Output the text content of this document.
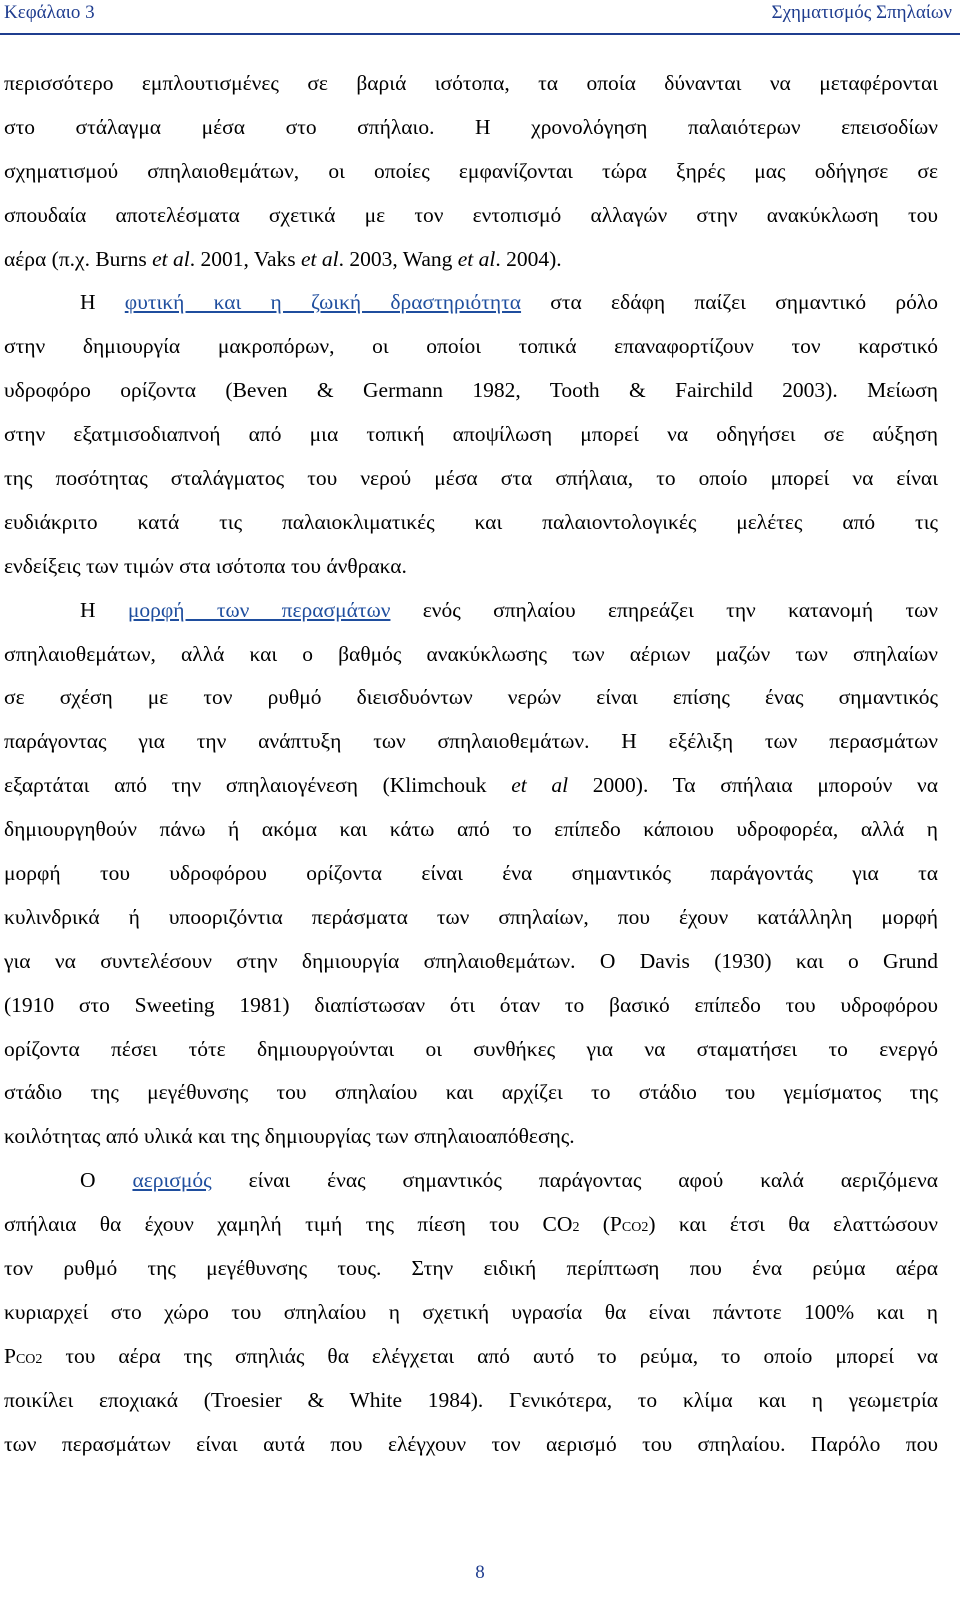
Κεφάλαιο 3	Σχηματισμός Σπηλαίων
περισσότερο εμπλουτισμένες σε βαριά ισότοπα, τα οποία δύνανται να μεταφέρονται
στο στάλαγμα μέσα στο σπήλαιο. Η χρονολόγηση παλαιότερων επεισοδίων
σχηματισμού σπηλαιοθεμάτων, οι οποίες εμφανίζονται τώρα ξηρές μας οδήγησε σε
σπουδαία αποτελέσματα σχετικά με τον εντοπισμό αλλαγών στην ανακύκλωση του
αέρα (π.χ. Burns et al. 2001, Vaks et al. 2003, Wang et al. 2004).
Η φυτική και η ζωική δραστηριότητα στα εδάφη παίζει σημαντικό ρόλο
στην δημιουργία μακροπόρων, οι οποίοι τοπικά επαναφορτίζουν τον καρστικό
υδροφόρο ορίζοντα (Beven & Germann 1982, Tooth & Fairchild 2003). Μείωση
στην εξατμισοδιαπνοή από μια τοπική αποψίλωση μπορεί να οδηγήσει σε αύξηση
της ποσότητας σταλάγματος του νερού μέσα στα σπήλαια, το οποίο μπορεί να είναι
ευδιάκριτο κατά τις παλαιοκλιματικές και παλαιοντολογικές μελέτες από τις
ενδείξεις των τιμών στα ισότοπα του άνθρακα.
Η μορφή των περασμάτων ενός σπηλαίου επηρεάζει την κατανομή των
σπηλαιοθεμάτων, αλλά και ο βαθμός ανακύκλωσης των αέριων μαζών των σπηλαίων
σε σχέση με τον ρυθμό διεισδυόντων νερών είναι επίσης ένας σημαντικός
παράγοντας για την ανάπτυξη των σπηλαιοθεμάτων. Η εξέλιξη των περασμάτων
εξαρτάται από την σπηλαιογένεση (Klimchouk et al 2000). Τα σπήλαια μπορούν να
δημιουργηθούν πάνω ή ακόμα και κάτω από το επίπεδο κάποιου υδροφορέα, αλλά η
μορφή του υδροφόρου ορίζοντα είναι ένα σημαντικός παράγοντάς για τα
κυλινδρικά ή υποοριζόντια περάσματα των σπηλαίων, που έχουν κατάλληλη μορφή
για να συντελέσουν στην δημιουργία σπηλαιοθεμάτων. Ο Davis (1930) και ο Grund
(1910 στο Sweeting 1981) διαπίστωσαν ότι όταν το βασικό επίπεδο του υδροφόρου
ορίζοντα πέσει τότε δημιουργούνται οι συνθήκες για να σταματήσει το ενεργό
στάδιο της μεγέθυνσης του σπηλαίου και αρχίζει το στάδιο του γεμίσματος της
κοιλότητας από υλικά και της δημιουργίας των σπηλαιοαπόθεσης.
Ο αερισμός είναι ένας σημαντικός παράγοντας αφού καλά αεριζόμενα
σπήλαια θα έχουν χαμηλή τιμή της πίεση του CO2 (PCO2) και έτσι θα ελαττώσουν
τον ρυθμό της μεγέθυνσης τους. Στην ειδική περίπτωση που ένα ρεύμα αέρα
κυριαρχεί στο χώρο του σπηλαίου η σχετική υγρασία θα είναι πάντοτε 100% και η
PCO2 του αέρα της σπηλιάς θα ελέγχεται από αυτό το ρεύμα, το οποίο μπορεί να
ποικίλει εποχιακά (Troesier & White 1984). Γενικότερα, το κλίμα και η γεωμετρία
των περασμάτων είναι αυτά που ελέγχουν τον αερισμό του σπηλαίου. Παρόλο που
8
